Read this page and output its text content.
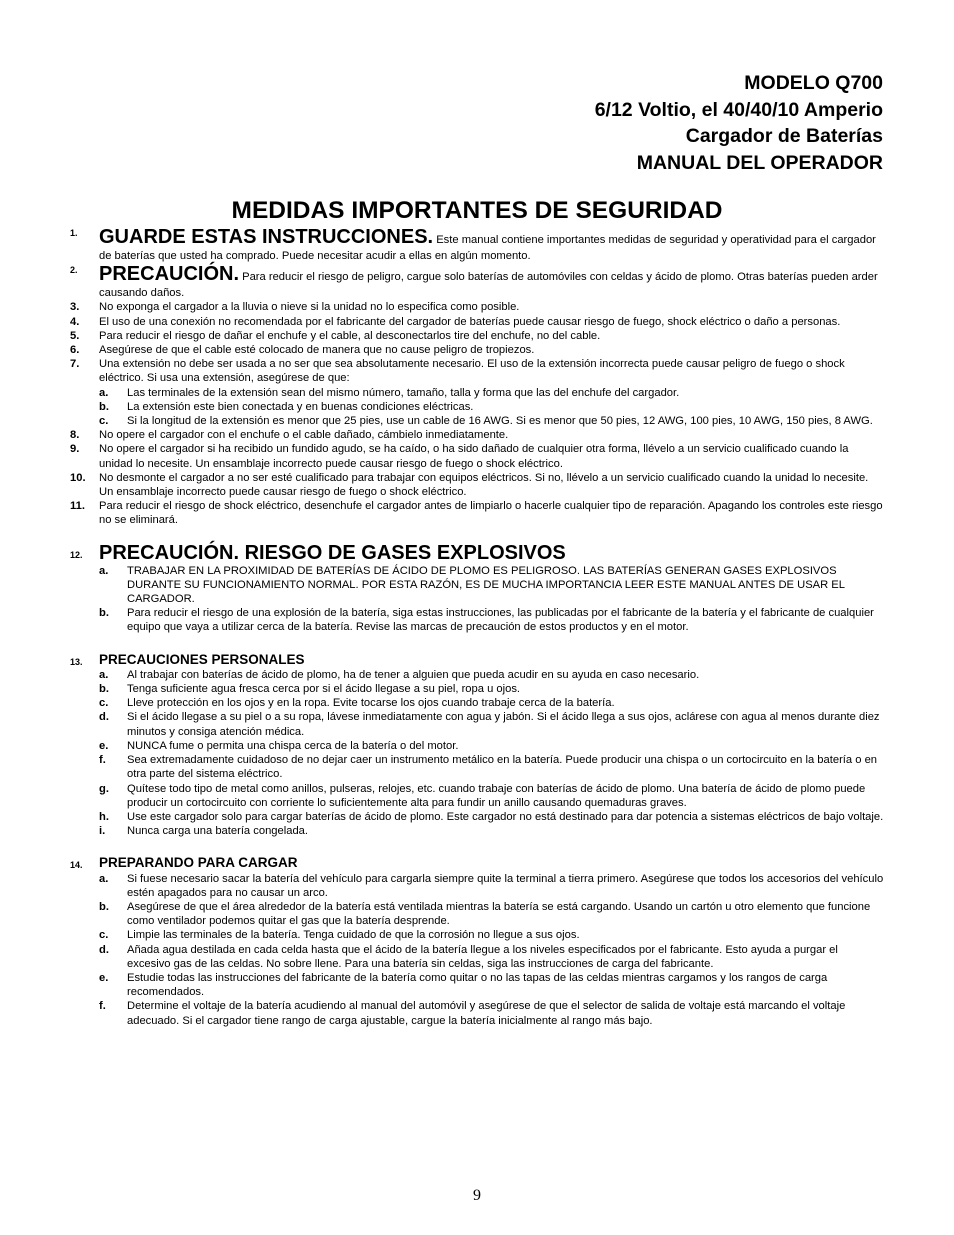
MODELO Q700
6/12 Voltio, el 40/40/10 Amperio
Cargador de Baterías
MANUAL DEL OPERADOR
MEDIDAS IMPORTANTES DE SEGURIDAD
1.	GUARDE ESTAS INSTRUCCIONES. Este manual contiene importantes medidas de seguridad y operatividad para el cargador de baterías que usted ha comprado. Puede necesitar acudir a ellas en algún momento.
2.	PRECAUCIÓN. Para reducir el riesgo de peligro, cargue solo baterías de automóviles con celdas y ácido de plomo. Otras baterías pueden arder causando daños.
3.	No exponga el cargador a la lluvia o nieve si la unidad no lo especifica como posible.
4.	El uso de una conexión no recomendada por el fabricante del cargador de baterías puede causar riesgo de fuego, shock eléctrico o daño a personas.
5.	Para reducir el riesgo de dañar el enchufe y el cable, al desconectarlos tire del enchufe, no del cable.
6.	Asegúrese de que el cable esté colocado de manera que no cause peligro de tropiezos.
7.	Una extensión no debe ser usada a no ser que sea absolutamente necesario. El uso de la extensión incorrecta puede causar peligro de fuego o shock eléctrico. Si usa una extensión, asegúrese de que:
a. Las terminales de la extensión sean del mismo número, tamaño, talla y forma que las del enchufe del cargador.
b. La extensión este bien conectada y en buenas condiciones eléctricas.
c. Si la longitud de la extensión es menor que 25 pies, use un cable de 16 AWG. Si es menor que 50 pies, 12 AWG, 100 pies, 10 AWG, 150 pies, 8 AWG.
8.	No opere el cargador con el enchufe o el cable dañado, cámbielo inmediatamente.
9.	No opere el cargador si ha recibido un fundido agudo, se ha caído, o ha sido dañado de cualquier otra forma, llévelo a un servicio cualificado cuando la unidad lo necesite. Un ensamblaje incorrecto puede causar riesgo de fuego o shock eléctrico.
10.	No desmonte el cargador a no ser esté cualificado para trabajar con equipos eléctricos. Si no, llévelo a un servicio cualificado cuando la unidad lo necesite. Un ensamblaje incorrecto puede causar riesgo de fuego o shock eléctrico.
11.	Para reducir el riesgo de shock eléctrico, desenchufe el cargador antes de limpiarlo o hacerle cualquier tipo de reparación. Apagando los controles este riesgo no se eliminará.
12. PRECAUCIÓN. RIESGO DE GASES EXPLOSIVOS
a. TRABAJAR EN LA PROXIMIDAD DE BATERÍAS DE ÁCIDO DE PLOMO ES PELIGROSO. LAS BATERÍAS GENERAN GASES EXPLOSIVOS DURANTE SU FUNCIONAMIENTO NORMAL. POR ESTA RAZÓN, ES DE MUCHA IMPORTANCIA LEER ESTE MANUAL ANTES DE USAR EL CARGADOR.
b. Para reducir el riesgo de una explosión de la batería, siga estas instrucciones, las publicadas por el fabricante de la batería y el fabricante de cualquier equipo que vaya a utilizar cerca de la batería. Revise las marcas de precaución de estos productos y en el motor.
13.	PRECAUCIONES PERSONALES
a. Al trabajar con baterías de ácido de plomo, ha de tener a alguien que pueda acudir en su ayuda en caso necesario.
b. Tenga suficiente agua fresca cerca por si el ácido llegase a su piel, ropa u ojos.
c. Lleve protección en los ojos y en la ropa. Evite tocarse los ojos cuando trabaje cerca de la batería.
d. Si el ácido llegase a su piel o a su ropa, lávese inmediatamente con agua y jabón. Si el ácido llega a sus ojos, aclárese con agua al menos durante diez minutos y consiga atención médica.
e. NUNCA fume o permita una chispa cerca de la batería o del motor.
f. Sea extremadamente cuidadoso de no dejar caer un instrumento metálico en la batería. Puede producir una chispa o un cortocircuito en la batería o en otra parte del sistema eléctrico.
g. Quítese todo tipo de metal como anillos, pulseras, relojes, etc. cuando trabaje con baterías de ácido de plomo. Una batería de ácido de plomo puede producir un cortocircuito con corriente lo suficientemente alta para fundir un anillo causando quemaduras graves.
h. Use este cargador solo para cargar baterías de ácido de plomo. Este cargador no está destinado para dar potencia a sistemas eléctricos de bajo voltaje.
i. Nunca carga una batería congelada.
14.	PREPARANDO PARA CARGAR
a. Si fuese necesario sacar la batería del vehículo para cargarla siempre quite la terminal a tierra primero. Asegúrese que todos los accesorios del vehículo estén apagados para no causar un arco.
b. Asegúrese de que el área alrededor de la batería está ventilada mientras la batería se está cargando. Usando un cartón u otro elemento que funcione como ventilador podemos quitar el gas que la batería desprende.
c. Limpie las terminales de la batería. Tenga cuidado de que la corrosión no llegue a sus ojos.
d. Añada agua destilada en cada celda hasta que el ácido de la batería llegue a los niveles especificados por el fabricante. Esto ayuda a purgar el excesivo gas de las celdas. No sobre llene. Para una batería sin celdas, siga las instrucciones de carga del fabricante.
e. Estudie todas las instrucciones del fabricante de la batería como quitar o no las tapas de las celdas mientras cargamos y los rangos de carga recomendados.
f. Determine el voltaje de la batería acudiendo al manual del automóvil y asegúrese de que el selector de salida de voltaje está marcando el voltaje adecuado. Si el cargador tiene rango de carga ajustable, cargue la batería inicialmente al rango más bajo.
9
